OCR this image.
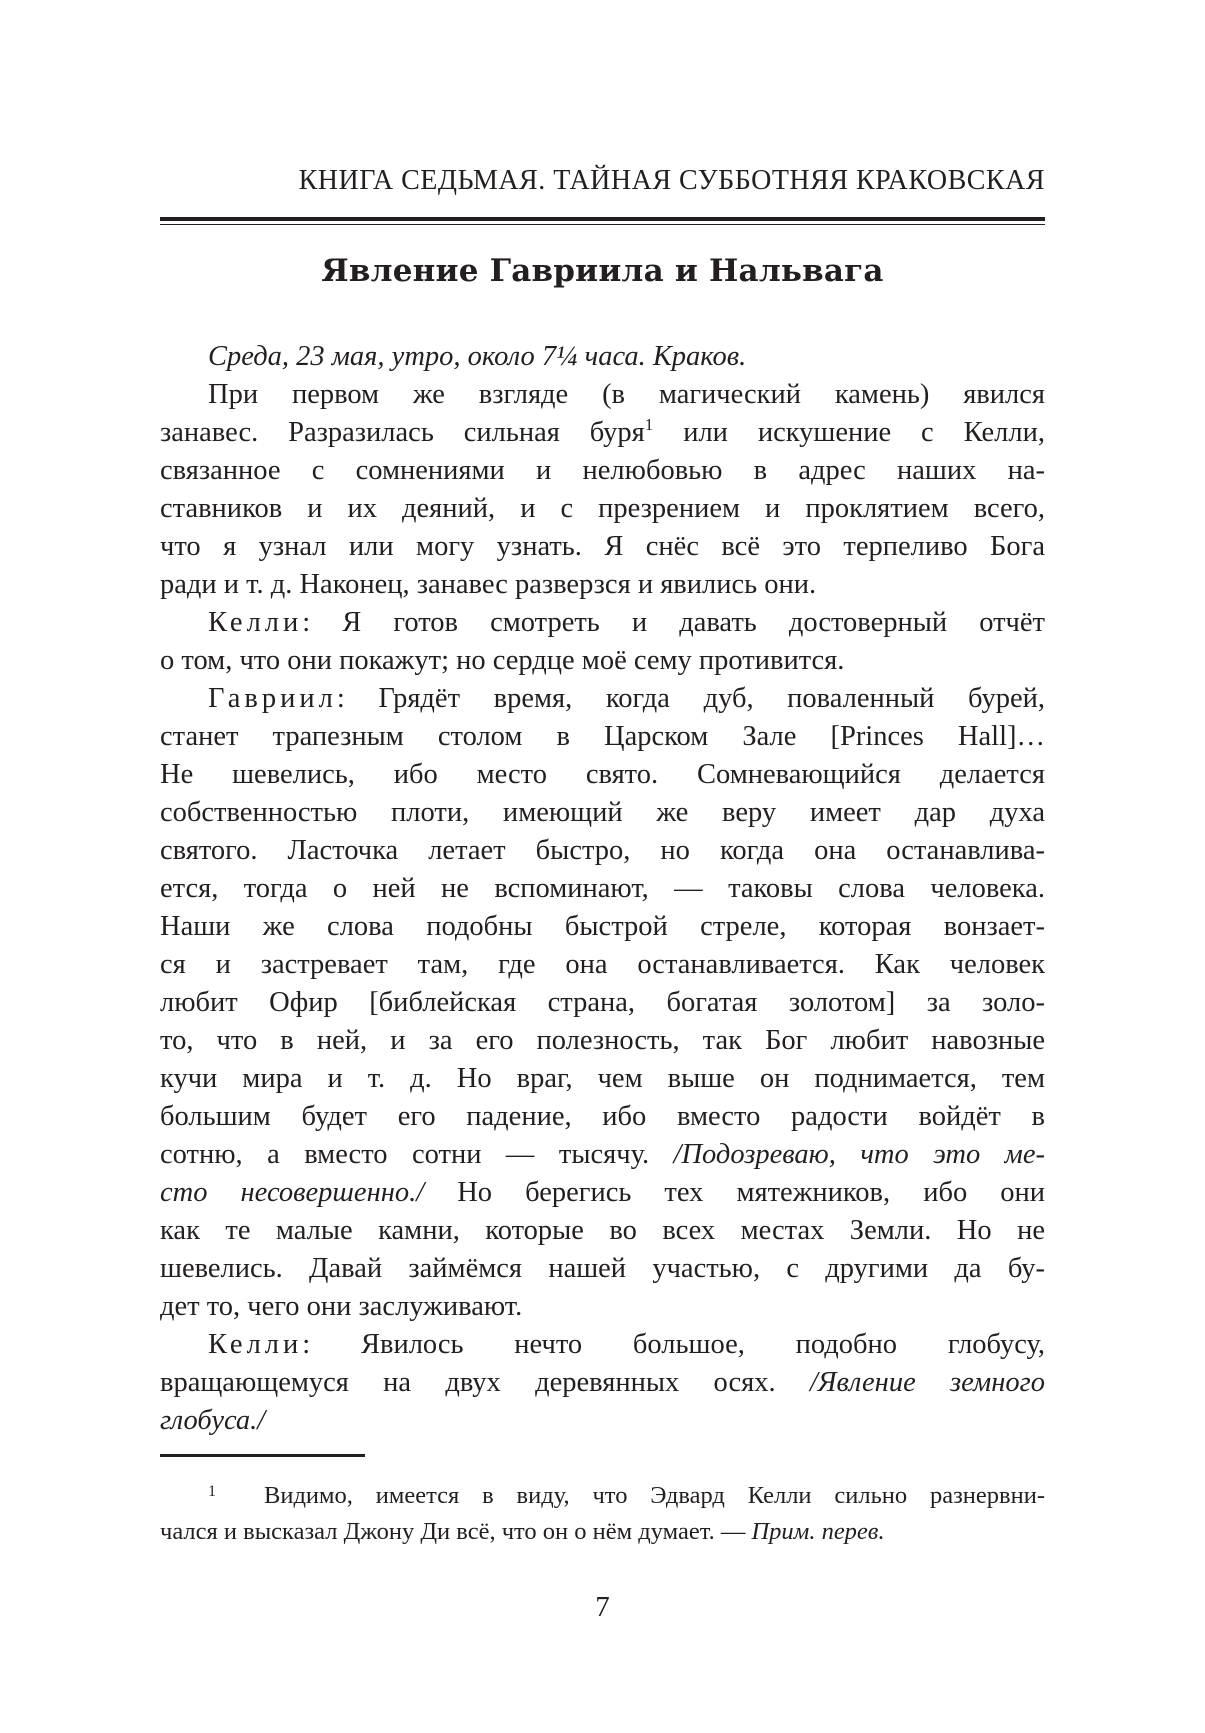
КНИГА СЕДЬМАЯ. ТАЙНАЯ СУББОТНЯЯ КРАКОВСКАЯ
Явление Гавриила и Нальвага
Среда, 23 мая, утро, около 7¼ часа. Краков.
При первом же взгляде (в магический камень) явился
занавес. Разразилась сильная буря$^1$ или искушение с Келли,
связанное с сомнениями и нелюбовью в адрес наших на-
ставников и их деяний, и с презрением и проклятием всего,
что я узнал или могу узнать. Я снёс всё это терпеливо Бога
ради и т. д. Наконец, занавес разверзся и явились они.
Келли: Я готов смотреть и давать достоверный отчёт
о том, что они покажут; но сердце моё сему противится.
Гавриил: Грядёт время, когда дуб, поваленный бурей,
станет трапезным столом в Царском Зале [Princes Hall]…
Не шевелись, ибо место свято. Сомневающийся делается
собственностью плоти, имеющий же веру имеет дар духа
святого. Ласточка летает быстро, но когда она останавлива-
ется, тогда о ней не вспоминают, — таковы слова человека.
Наши же слова подобны быстрой стреле, которая вонзает-
ся и застревает там, где она останавливается. Как человек
любит Офир [библейская страна, богатая золотом] за золо-
то, что в ней, и за его полезность, так Бог любит навозные
кучи мира и т. д. Но враг, чем выше он поднимается, тем
большим будет его падение, ибо вместо радости войдёт в
сотню, а вместо сотни — тысячу. /Подозреваю, что это ме-
сто несовершенно./ Но берегись тех мятежников, ибо они
как те малые камни, которые во всех местах Земли. Но не
шевелись. Давай займёмся нашей участью, с другими да бу-
дет то, чего они заслуживают.
Келли: Явилось нечто большое, подобно глобусу,
вращающемуся на двух деревянных осях. /Явление земного
глобуса./
1	Видимо, имеется в виду, что Эдвард Келли сильно разнервни-
чался и высказал Джону Ди всё, что он о нём думает. — Прим. перев.
7
